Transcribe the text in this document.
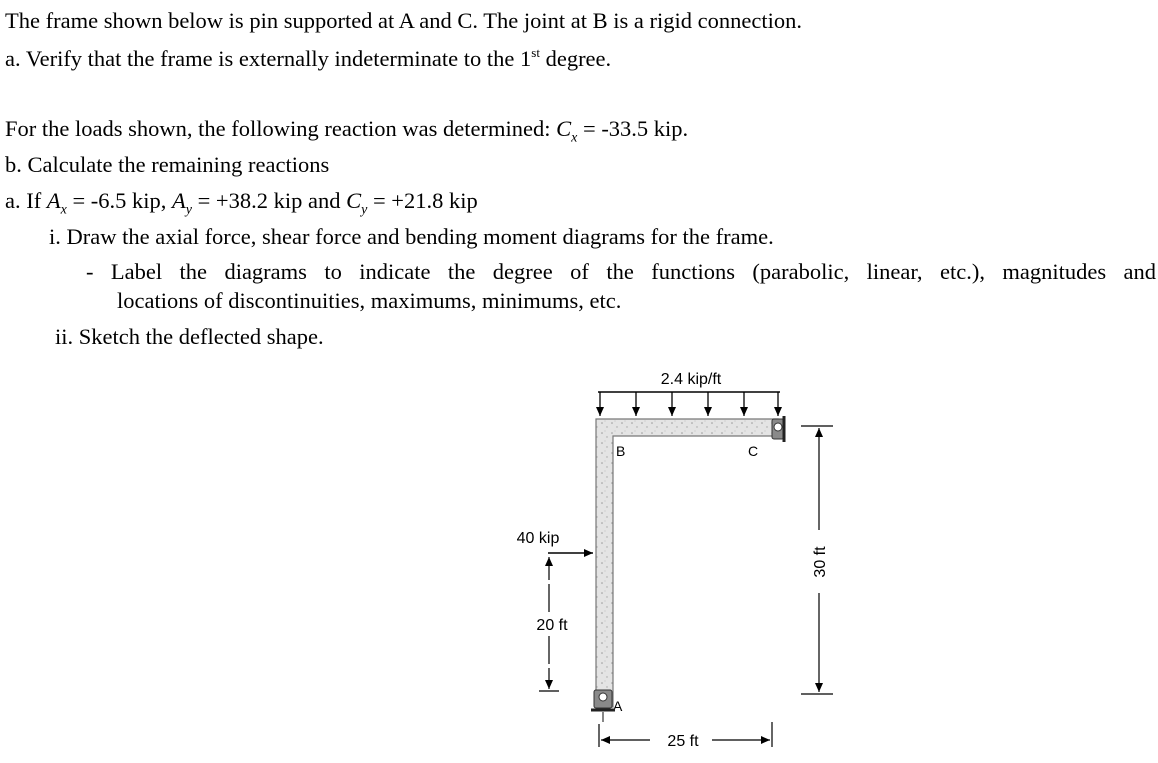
The frame shown below is pin supported at A and C. The joint at B is a rigid connection.
a. Verify that the frame is externally indeterminate to the 1st degree.
For the loads shown, the following reaction was determined: $C_x = -33.5$ kip.
b. Calculate the remaining reactions
a. If $A_x = -6.5$ kip, $A_y = +38.2$ kip and $C_y = +21.8$ kip
i. Draw the axial force, shear force and bending moment diagrams for the frame.
- Label the diagrams to indicate the degree of the functions (parabolic, linear, etc.), magnitudes and
locations of discontinuities, maximums, minimums, etc.
ii. Sketch the deflected shape.
2.4 kip/ft
B	C
A
40 kip
20 ft
30 ft
25 ft
